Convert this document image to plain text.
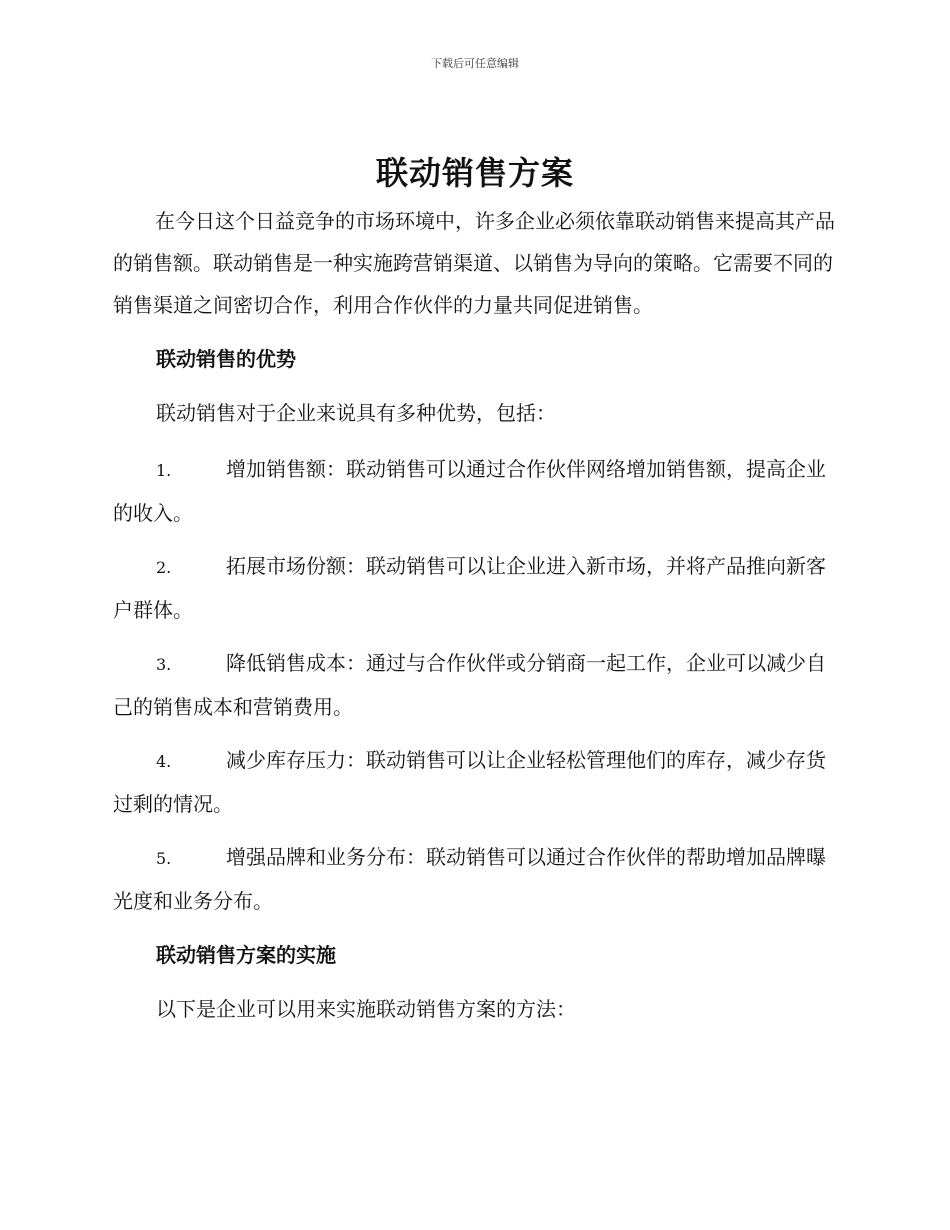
下载后可任意编辑
联动销售方案
在今日这个日益竞争的市场环境中，许多企业必须依靠联动销售来提高其产品的销售额。联动销售是一种实施跨营销渠道、以销售为导向的策略。它需要不同的销售渠道之间密切合作，利用合作伙伴的力量共同促进销售。
联动销售的优势
联动销售对于企业来说具有多种优势，包括：
1.	增加销售额：联动销售可以通过合作伙伴网络增加销售额，提高企业的收入。
2.	拓展市场份额：联动销售可以让企业进入新市场，并将产品推向新客户群体。
3.	降低销售成本：通过与合作伙伴或分销商一起工作，企业可以减少自己的销售成本和营销费用。
4.	减少库存压力：联动销售可以让企业轻松管理他们的库存，减少存货过剩的情况。
5.	增强品牌和业务分布：联动销售可以通过合作伙伴的帮助增加品牌曝光度和业务分布。
联动销售方案的实施
以下是企业可以用来实施联动销售方案的方法：
